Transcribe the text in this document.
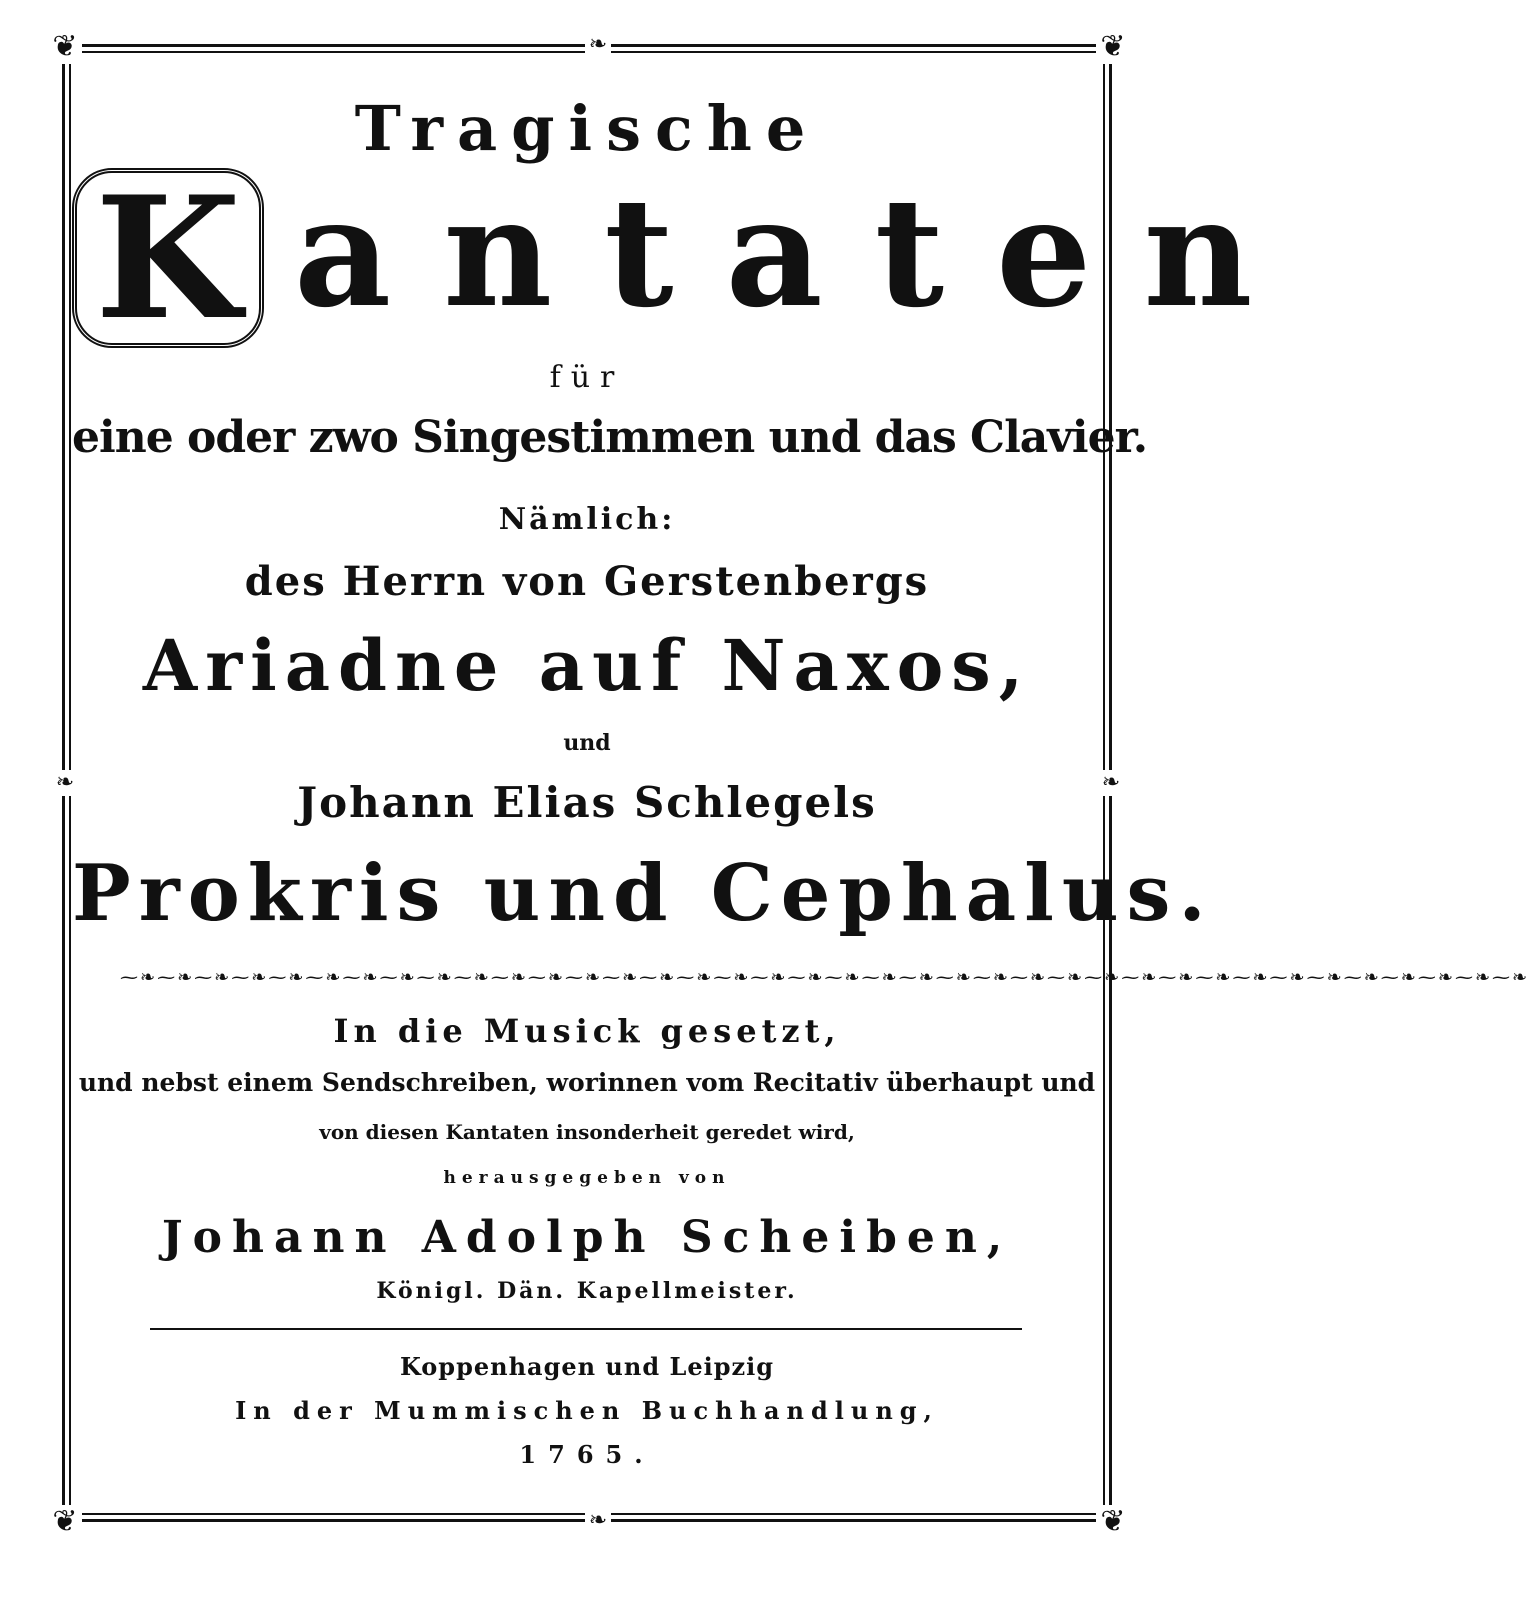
❦	❦
❦	❦
❧	❧
❧
❧
Tragische
K antaten
für
eine oder zwo Singestimmen und das Clavier.
Nämlich:
des Herrn von Gerstenbergs
Ariadne auf Naxos,
und
Johann Elias Schlegels
Prokris und Cephalus.
⁓❧⁓❧⁓❧⁓❧⁓❧⁓❧⁓❧⁓❧⁓❧⁓❧⁓❧⁓❧⁓❧⁓❧⁓❧⁓❧⁓❧⁓❧⁓❧⁓❧⁓❧⁓❧⁓❧⁓❧⁓❧⁓❧⁓❧⁓❧⁓❧⁓❧⁓❧⁓❧⁓❧⁓❧⁓❧⁓❧⁓❧⁓❧
In die Musick gesetzt,
und nebst einem Sendschreiben, worinnen vom Recitativ überhaupt und
von diesen Kantaten insonderheit geredet wird,
herausgegeben von
Johann Adolph Scheiben,
Königl. Dän. Kapellmeister.
Koppenhagen und Leipzig
In der Mummischen Buchhandlung,
1765.
